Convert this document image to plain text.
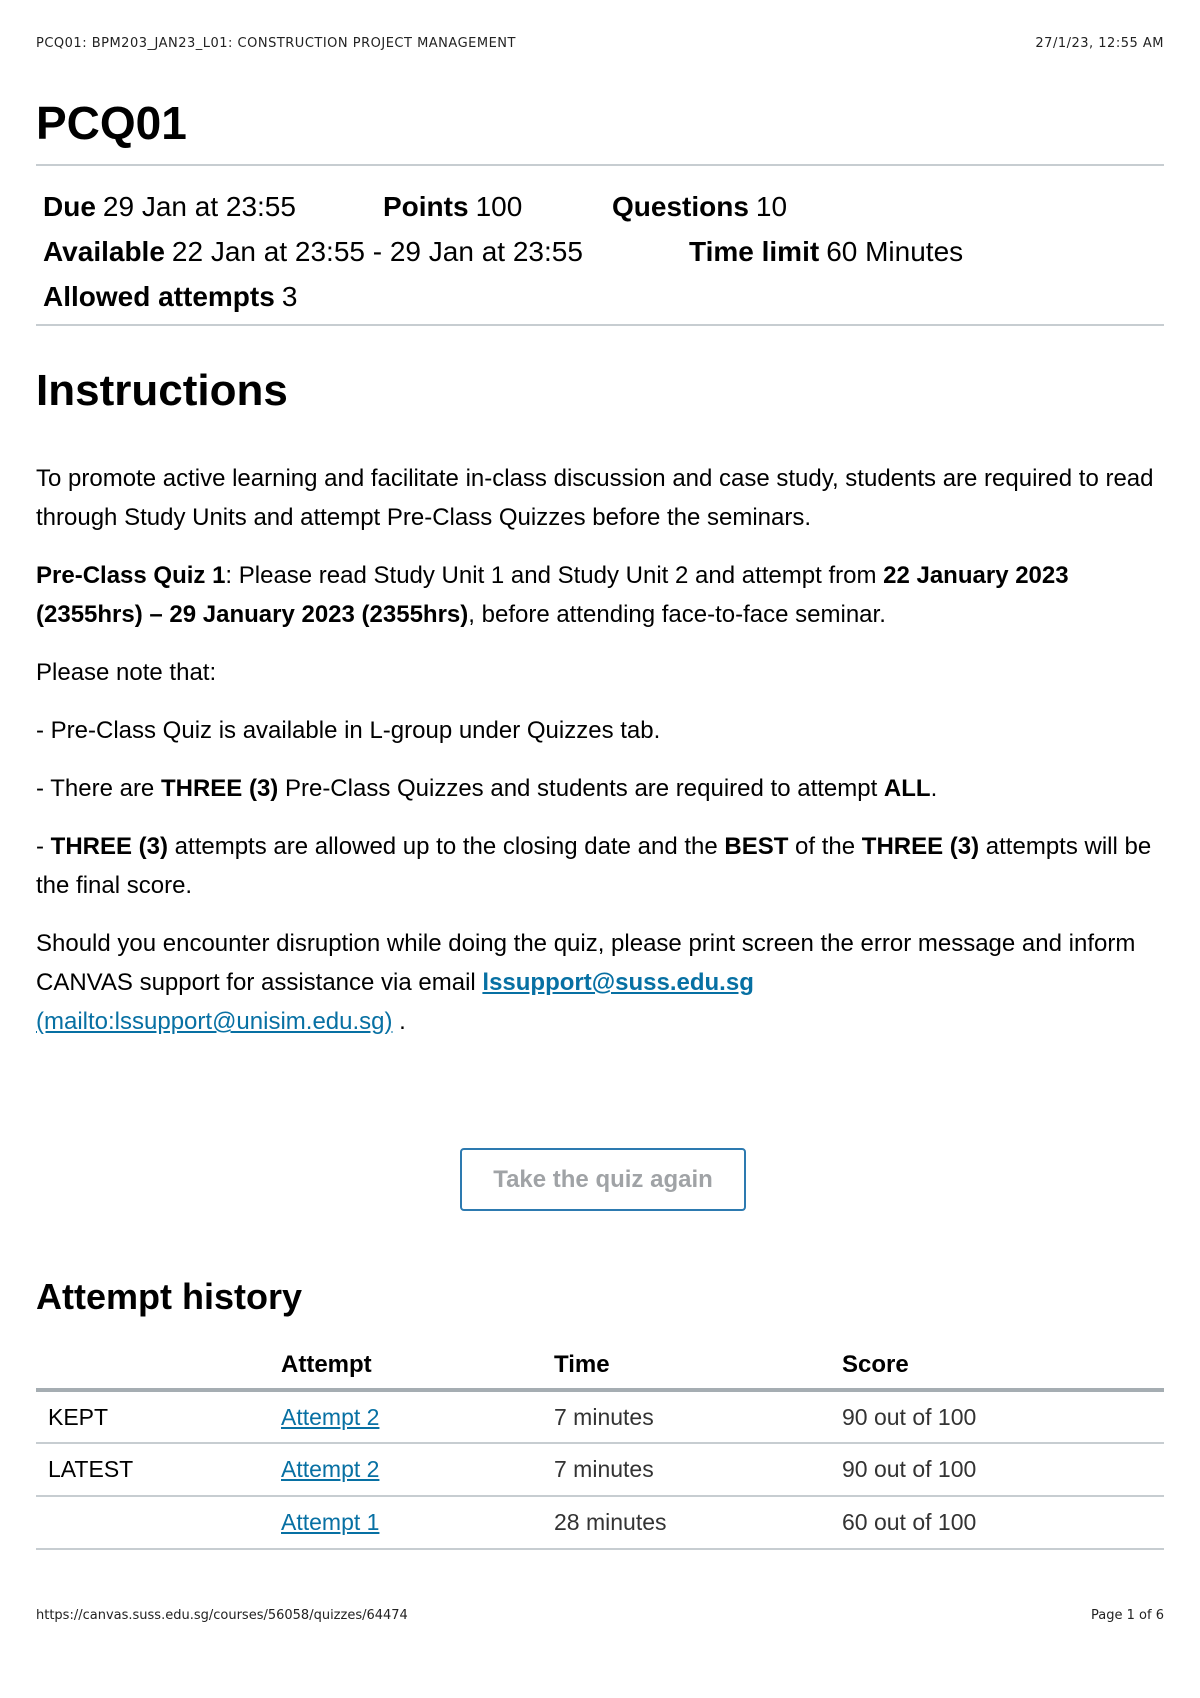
PCQ01: BPM203_JAN23_L01: CONSTRUCTION PROJECT MANAGEMENT	27/1/23, 12:55 AM
PCQ01
Due 29 Jan at 23:55	Points 100	Questions 10
Available 22 Jan at 23:55 - 29 Jan at 23:55	Time limit 60 Minutes
Allowed attempts 3
Instructions

To promote active learning and facilitate in-class discussion and case study, students are required to read through Study Units and attempt Pre-Class Quizzes before the seminars.

Pre-Class Quiz 1: Please read Study Unit 1 and Study Unit 2 and attempt from 22 January 2023 (2355hrs) – 29 January 2023 (2355hrs), before attending face-to-face seminar.

Please note that:

- Pre-Class Quiz is available in L-group under Quizzes tab.

- There are THREE (3) Pre-Class Quizzes and students are required to attempt ALL.

- THREE (3) attempts are allowed up to the closing date and the BEST of the THREE (3) attempts will be the final score.

Should you encounter disruption while doing the quiz, please print screen the error message and inform CANVAS support for assistance via email lssupport@suss.edu.sg
(mailto:lssupport@unisim.edu.sg) .

Take the quiz again
Attempt history
	Attempt	Time	Score
KEPT	Attempt 2	7 minutes	90 out of 100
LATEST	Attempt 2	7 minutes	90 out of 100
	Attempt 1	28 minutes	60 out of 100
https://canvas.suss.edu.sg/courses/56058/quizzes/64474	Page 1 of 6
